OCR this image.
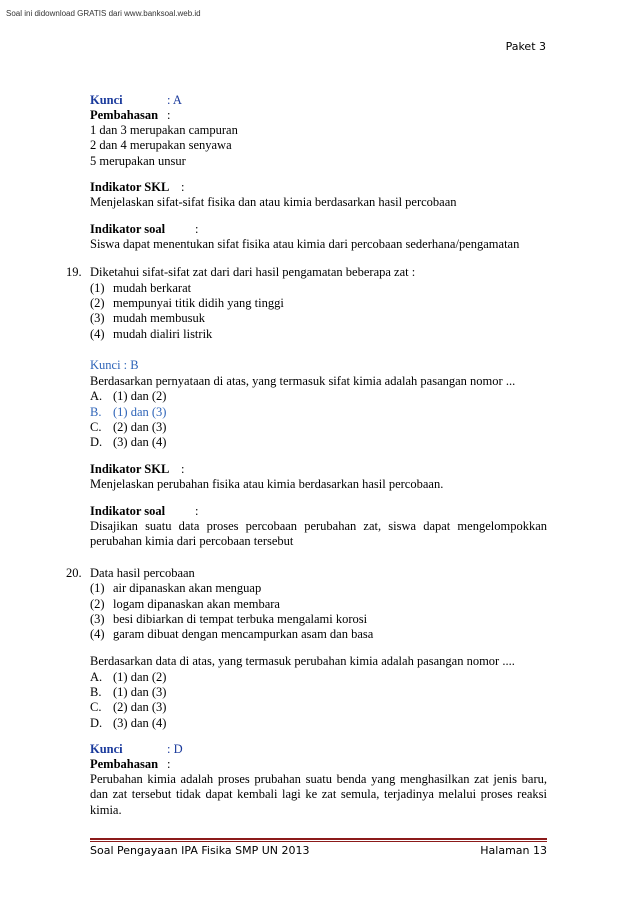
Soal ini didownload GRATIS dari www.banksoal.web.id
Paket 3
Kunci	: A
Pembahasan :
1 dan 3 merupakan campuran
2 dan 4 merupakan senyawa
5 merupakan unsur
Indikator SKL :
Menjelaskan sifat-sifat fisika dan atau kimia berdasarkan hasil percobaan
Indikator soal :
Siswa dapat menentukan sifat fisika atau kimia dari percobaan sederhana/pengamatan
19. Diketahui sifat-sifat zat dari dari hasil pengamatan beberapa zat :
(1) mudah berkarat
(2) mempunyai titik didih yang tinggi
(3) mudah membusuk
(4) mudah dialiri listrik
Kunci : B
Berdasarkan pernyataan di atas, yang termasuk sifat kimia adalah pasangan nomor ...
A. (1) dan (2)
B. (1) dan (3)
C. (2) dan (3)
D. (3) dan (4)
Indikator SKL :
Menjelaskan perubahan fisika atau kimia berdasarkan hasil percobaan.
Indikator soal :
Disajikan suatu data proses percobaan perubahan zat, siswa dapat mengelompokkan perubahan kimia dari percobaan tersebut
20. Data hasil percobaan
(1) air dipanaskan akan menguap
(2) logam dipanaskan akan membara
(3) besi dibiarkan di tempat terbuka mengalami korosi
(4) garam dibuat dengan mencampurkan asam dan basa
Berdasarkan data di atas, yang termasuk perubahan kimia adalah pasangan nomor ....
A. (1) dan (2)
B. (1) dan (3)
C. (2) dan (3)
D. (3) dan (4)
Kunci	: D
Pembahasan :
Perubahan kimia adalah proses prubahan suatu benda yang menghasilkan zat jenis baru, dan zat tersebut tidak dapat kembali lagi ke zat semula, terjadinya melalui proses reaksi kimia.
Soal Pengayaan IPA Fisika SMP UN 2013	Halaman 13
